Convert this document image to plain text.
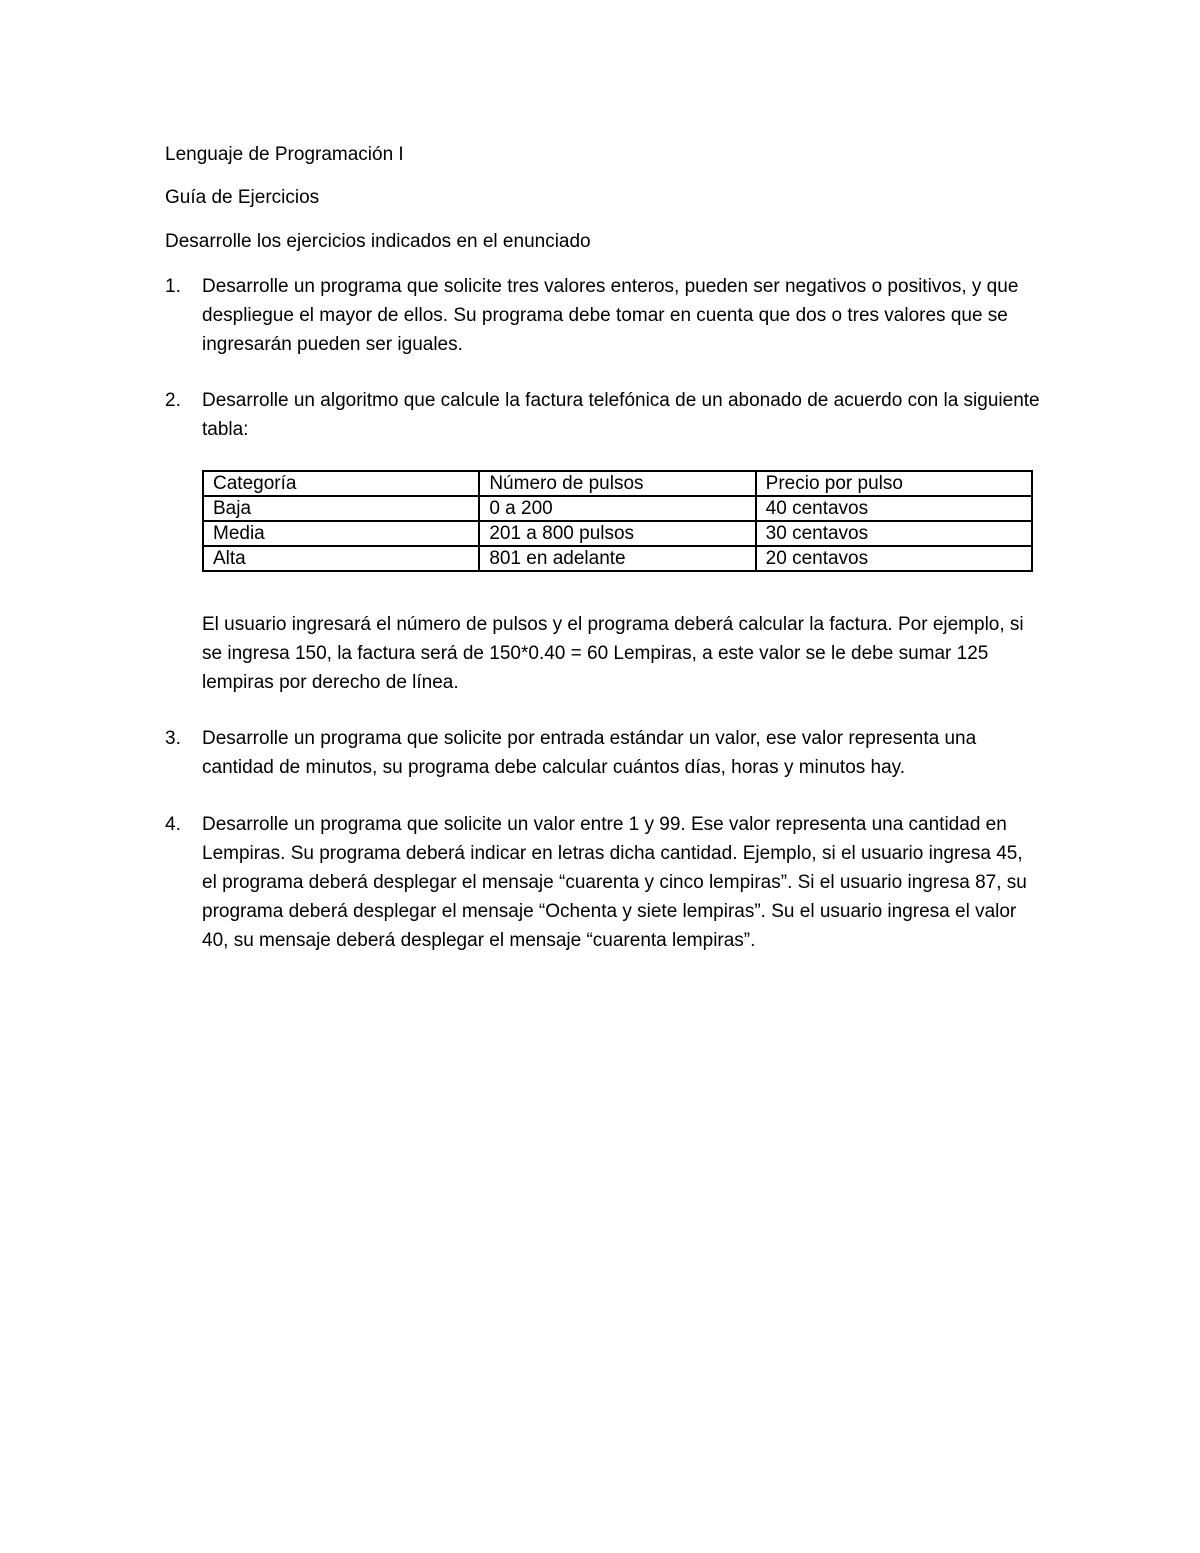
Lenguaje de Programación I
Guía de Ejercicios
Desarrolle los ejercicios indicados en el enunciado
1. Desarrolle un programa que solicite tres valores enteros, pueden ser negativos o positivos, y que despliegue el mayor de ellos. Su programa debe tomar en cuenta que dos o tres valores que se ingresarán pueden ser iguales.
2. Desarrolle un algoritmo que calcule la factura telefónica de un abonado de acuerdo con la siguiente tabla:
Categoría	Número de pulsos	Precio por pulso
Baja	0 a 200	40 centavos
Media	201 a 800 pulsos	30 centavos
Alta	801 en adelante	20 centavos
El usuario ingresará el número de pulsos y el programa deberá calcular la factura. Por ejemplo, si se ingresa 150, la factura será de 150*0.40 = 60 Lempiras, a este valor se le debe sumar 125 lempiras por derecho de línea.
3. Desarrolle un programa que solicite por entrada estándar un valor, ese valor representa una cantidad de minutos, su programa debe calcular cuántos días, horas y minutos hay.
4. Desarrolle un programa que solicite un valor entre 1 y 99. Ese valor representa una cantidad en Lempiras. Su programa deberá indicar en letras dicha cantidad. Ejemplo, si el usuario ingresa 45, el programa deberá desplegar el mensaje “cuarenta y cinco lempiras”. Si el usuario ingresa 87, su programa deberá desplegar el mensaje “Ochenta y siete lempiras”. Su el usuario ingresa el valor 40, su mensaje deberá desplegar el mensaje “cuarenta lempiras”.
